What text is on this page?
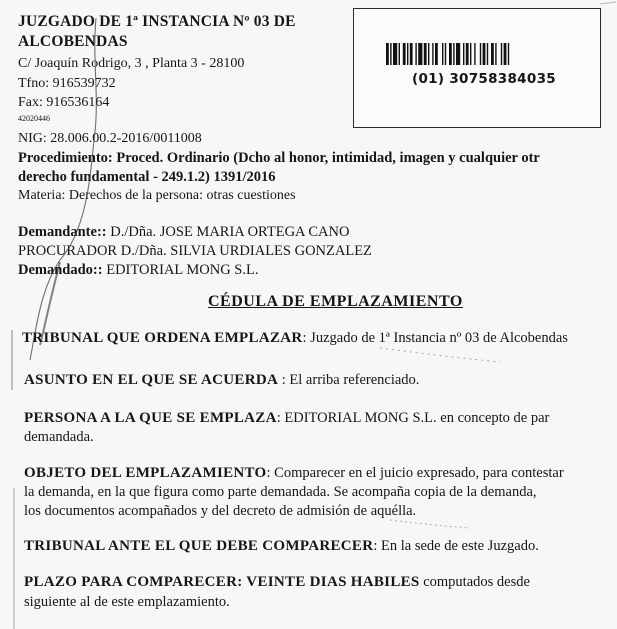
JUZGADO DE 1ª INSTANCIA Nº 03 DE
ALCOBENDAS
C/ Joaquín Rodrigo, 3 , Planta 3 - 28100
Tfno: 916539732
Fax: 916536164
42020446
NIG: 28.006.00.2-2016/0011008
Procedimiento: Proced. Ordinario (Dcho al honor, intimidad, imagen y cualquier otr
derecho fundamental - 249.1.2) 1391/2016
Materia: Derechos de la persona: otras cuestiones
(01) 30758384035
Demandante:: D./Dña. JOSE MARIA ORTEGA CANO
PROCURADOR D./Dña. SILVIA URDIALES GONZALEZ
Demandado:: EDITORIAL MONG S.L.
CÉDULA DE EMPLAZAMIENTO
TRIBUNAL QUE ORDENA EMPLAZAR: Juzgado de 1ª Instancia nº 03 de Alcobendas
ASUNTO EN EL QUE SE ACUERDA : El arriba referenciado.
PERSONA A LA QUE SE EMPLAZA: EDITORIAL MONG S.L. en concepto de par
demandada.
OBJETO DEL EMPLAZAMIENTO: Comparecer en el juicio expresado, para contestar
la demanda, en la que figura como parte demandada. Se acompaña copia de la demanda,
los documentos acompañados y del decreto de admisión de aquélla.
TRIBUNAL ANTE EL QUE DEBE COMPARECER: En la sede de este Juzgado.
PLAZO PARA COMPARECER: VEINTE DIAS HABILES computados desde
siguiente al de este emplazamiento.
